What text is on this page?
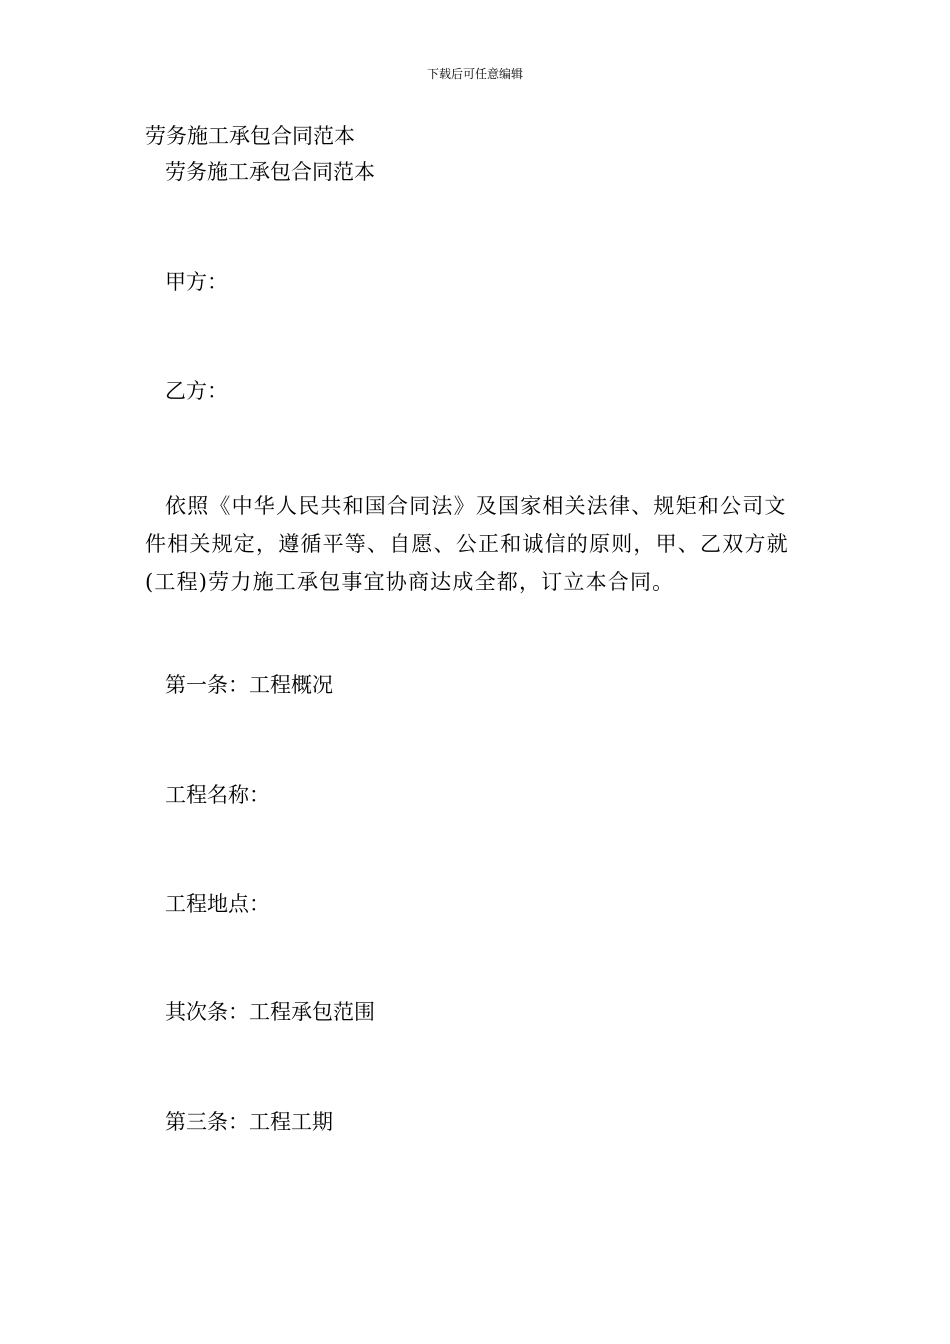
下载后可任意编辑
劳务施工承包合同范本
劳务施工承包合同范本
甲方：
乙方：
依照《中华人民共和国合同法》及国家相关法律、规矩和公司文件相关规定，遵循平等、自愿、公正和诚信的原则，甲、乙双方就(工程)劳力施工承包事宜协商达成全都，订立本合同。
第一条：工程概况
工程名称：
工程地点：
其次条：工程承包范围
第三条：工程工期
